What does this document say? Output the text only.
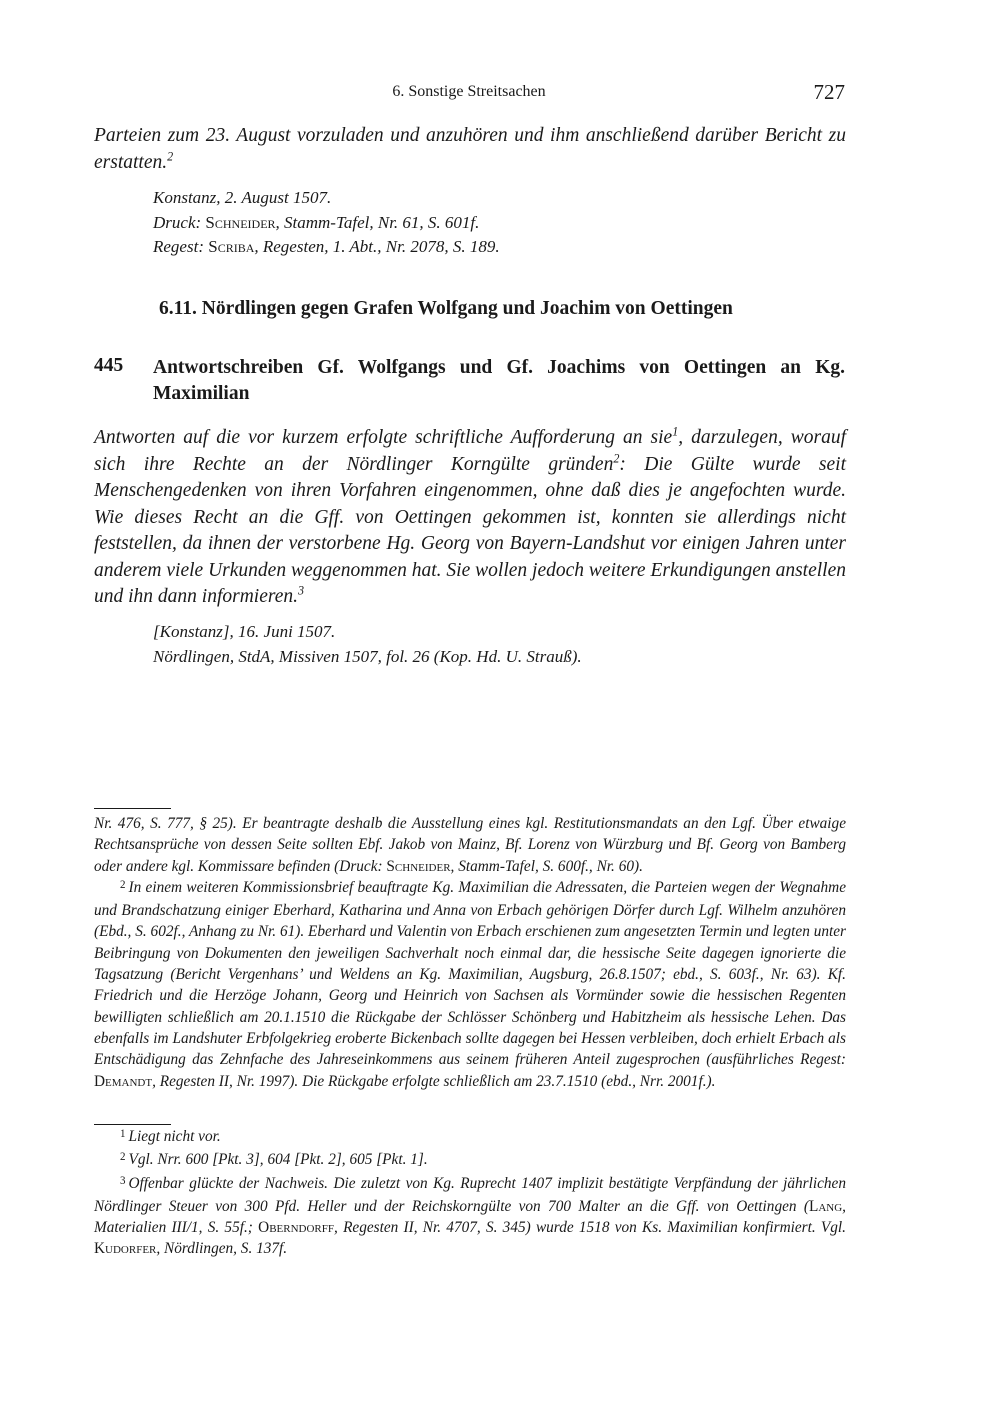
6. Sonstige Streitsachen	727
Parteien zum 23. August vorzuladen und anzuhören und ihm anschließend darüber Bericht zu erstatten.$^2$
Konstanz, 2. August 1507.
Druck: Schneider, Stamm-Tafel, Nr. 61, S. 601f.
Regest: Scriba, Regesten, 1. Abt., Nr. 2078, S. 189.
6.11. Nördlingen gegen Grafen Wolfgang und Joachim von Oettingen
445 Antwortschreiben Gf. Wolfgangs und Gf. Joachims von Oettingen an Kg. Maximilian
Antworten auf die vor kurzem erfolgte schriftliche Aufforderung an sie$^1$, darzulegen, worauf sich ihre Rechte an der Nördlinger Korngülte gründen$^2$: Die Gülte wurde seit Menschengedenken von ihren Vorfahren eingenommen, ohne daß dies je angefochten wurde. Wie dieses Recht an die Gff. von Oettingen gekommen ist, konnten sie allerdings nicht feststellen, da ihnen der verstorbene Hg. Georg von Bayern-Landshut vor einigen Jahren unter anderem viele Urkunden weggenommen hat. Sie wollen jedoch weitere Erkundigungen anstellen und ihn dann informieren.$^3$
[Konstanz], 16. Juni 1507.
Nördlingen, StdA, Missiven 1507, fol. 26 (Kop. Hd. U. Strauß).

Nr. 476, S. 777, § 25). Er beantragte deshalb die Ausstellung eines kgl. Restitutionsmandats an den Lgf. Über etwaige Rechtsansprüche von dessen Seite sollten Ebf. Jakob von Mainz, Bf. Lorenz von Würzburg und Bf. Georg von Bamberg oder andere kgl. Kommissare befinden (Druck: Schneider, Stamm-Tafel, S. 600f., Nr. 60).

$^2$ In einem weiteren Kommissionsbrief beauftragte Kg. Maximilian die Adressaten, die Parteien wegen der Wegnahme und Brandschatzung einiger Eberhard, Katharina und Anna von Erbach gehörigen Dörfer durch Lgf. Wilhelm anzuhören (Ebd., S. 602f., Anhang zu Nr. 61). Eberhard und Valentin von Erbach erschienen zum angesetzten Termin und legten unter Beibringung von Dokumenten den jeweiligen Sachverhalt noch einmal dar, die hessische Seite dagegen ignorierte die Tagsatzung (Bericht Vergenhans’ und Weldens an Kg. Maximilian, Augsburg, 26.8.1507; ebd., S. 603f., Nr. 63). Kf. Friedrich und die Herzöge Johann, Georg und Heinrich von Sachsen als Vormünder sowie die hessischen Regenten bewilligten schließlich am 20.1.1510 die Rückgabe der Schlösser Schönberg und Habitzheim als hessische Lehen. Das ebenfalls im Landshuter Erbfolgekrieg eroberte Bickenbach sollte dagegen bei Hessen verbleiben, doch erhielt Erbach als Entschädigung das Zehnfache des Jahreseinkommens aus seinem früheren Anteil zugesprochen (ausführliches Regest: Demandt, Regesten II, Nr. 1997). Die Rückgabe erfolgte schließlich am 23.7.1510 (ebd., Nrr. 2001f.).

$^1$ Liegt nicht vor.

$^2$ Vgl. Nrr. 600 [Pkt. 3], 604 [Pkt. 2], 605 [Pkt. 1].

$^3$ Offenbar glückte der Nachweis. Die zuletzt von Kg. Ruprecht 1407 implizit bestätigte Verpfändung der jährlichen Nördlinger Steuer von 300 Pfd. Heller und der Reichskorngülte von 700 Malter an die Gff. von Oettingen (Lang, Materialien III/1, S. 55f.; Oberndorff, Regesten II, Nr. 4707, S. 345) wurde 1518 von Ks. Maximilian konfirmiert. Vgl. Kudorfer, Nördlingen, S. 137f.
